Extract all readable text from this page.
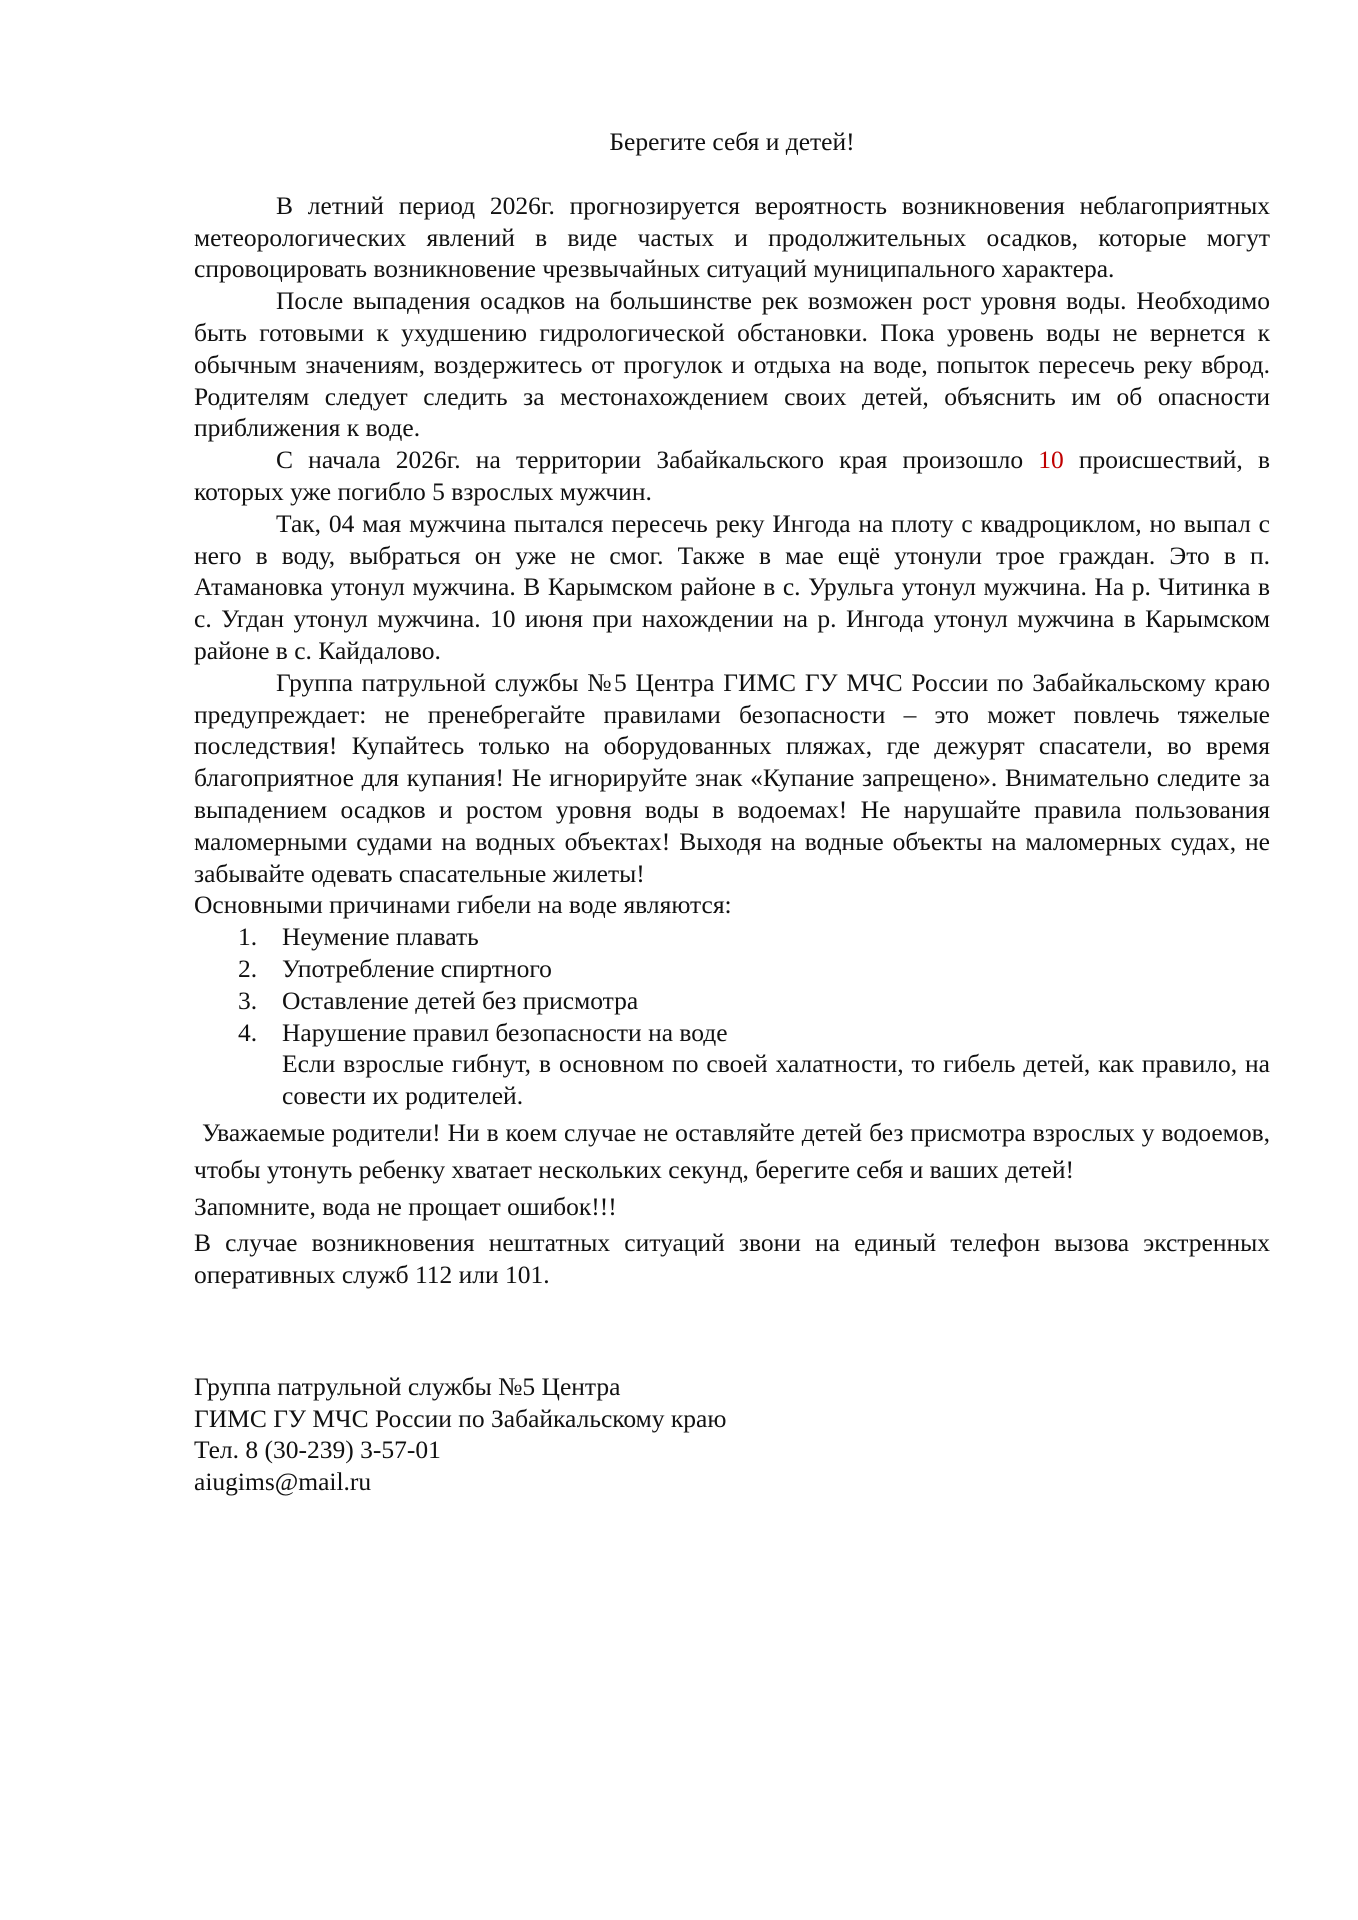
Берегите себя и детей!

В летний период 2026г. прогнозируется вероятность возникновения неблагоприятных метеорологических явлений в виде частых и продолжительных осадков, которые могут спровоцировать возникновение чрезвычайных ситуаций муниципального характера.

После выпадения осадков на большинстве рек возможен рост уровня воды. Необходимо быть готовыми к ухудшению гидрологической обстановки. Пока уровень воды не вернется к обычным значениям, воздержитесь от прогулок и отдыха на воде, попыток пересечь реку вброд. Родителям следует следить за местонахождением своих детей, объяснить им об опасности приближения к воде.

С начала 2026г. на территории Забайкальского края произошло 10 происшествий, в которых уже погибло 5 взрослых мужчин.

Так, 04 мая мужчина пытался пересечь реку Ингода на плоту с квадроциклом, но выпал с него в воду, выбраться он уже не смог. Также в мае ещё утонули трое граждан. Это в п. Атамановка утонул мужчина. В Карымском районе в с. Урульга утонул мужчина. На р. Читинка в с. Угдан утонул мужчина. 10 июня при нахождении на р. Ингода утонул мужчина в Карымском районе в с. Кайдалово.

Группа патрульной службы №5 Центра ГИМС ГУ МЧС России по Забайкальскому краю предупреждает: не пренебрегайте правилами безопасности – это может повлечь тяжелые последствия! Купайтесь только на оборудованных пляжах, где дежурят спасатели, во время благоприятное для купания! Не игнорируйте знак «Купание запрещено». Внимательно следите за выпадением осадков и ростом уровня воды в водоемах! Не нарушайте правила пользования маломерными судами на водных объектах! Выходя на водные объекты на маломерных судах, не забывайте одевать спасательные жилеты!

Основными причинами гибели на воде являются:

1. Неумение плавать
2. Употребление спиртного
3. Оставление детей без присмотра
4. Нарушение правил безопасности на воде

Если взрослые гибнут, в основном по своей халатности, то гибель детей, как правило, на совести их родителей.

Уважаемые родители! Ни в коем случае не оставляйте детей без присмотра взрослых у водоемов, чтобы утонуть ребенку хватает нескольких секунд, берегите себя и ваших детей!

Запомните, вода не прощает ошибок!!!

В случае возникновения нештатных ситуаций звони на единый телефон вызова экстренных оперативных служб 112 или 101.

Группа патрульной службы №5 Центра
ГИМС ГУ МЧС России по Забайкальскому краю
Тел. 8 (30-239) 3-57-01
aiugims@mail.ru
